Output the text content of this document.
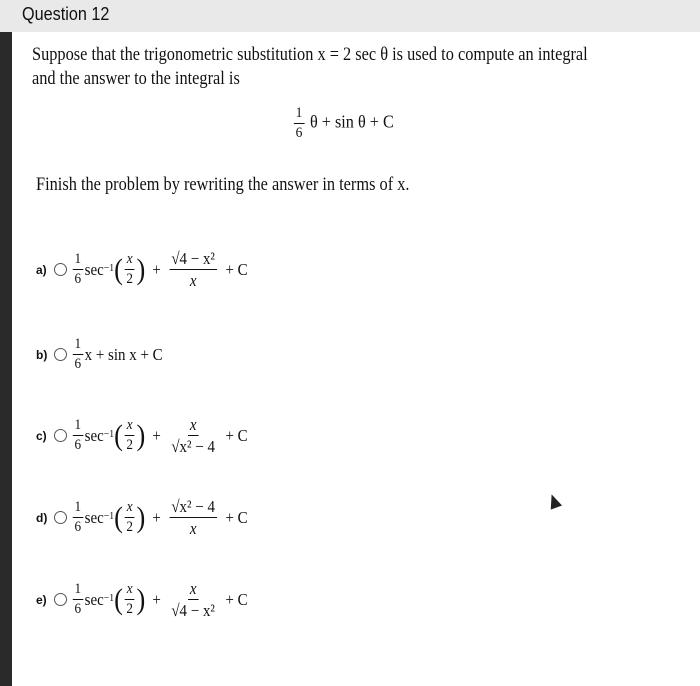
Question 12
Suppose that the trigonometric substitution x = 2 sec θ is used to compute an integral
and the answer to the integral is
$\frac{1}{6}$ θ + sin θ + C
Finish the problem by rewriting the answer in terms of x.
a)	$\frac{1}{6} \sec^{-1}$ ( $\frac{x}{2}$ ) + $\frac{\text{√4 − x²}}{x} + C$
b)	$\frac{1}{6}$ x + sin x + C
c)	$\frac{1}{6} \sec^{-1}$ ( $\frac{x}{2}$ ) + $\frac{x}{\text{√x² − 4}} + C$
d)	$\frac{1}{6} \sec^{-1}$ ( $\frac{x}{2}$ ) + $\frac{\text{√x² − 4}}{x} + C$
e)	$\frac{1}{6} \sec^{-1}$ ( $\frac{x}{2}$ ) + $\frac{x}{\text{√4 − x²}} + C$
